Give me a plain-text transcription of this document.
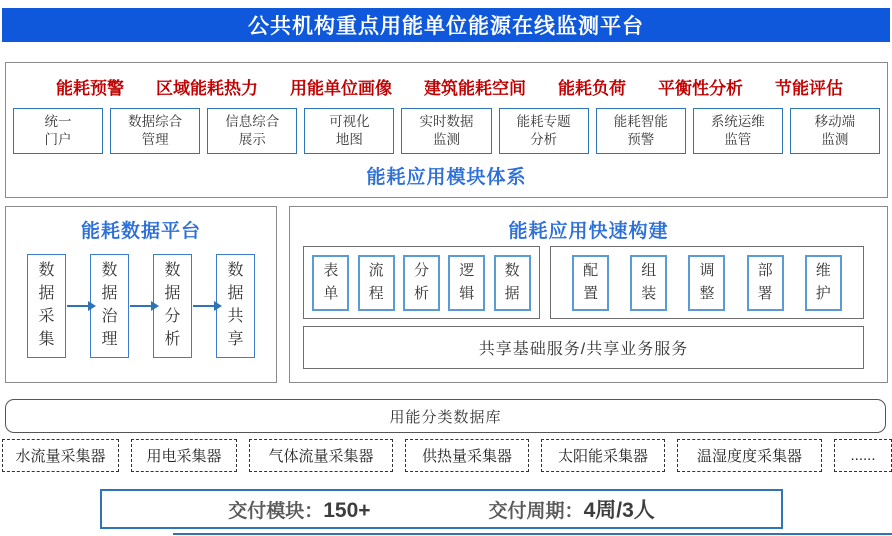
公共机构重点用能单位能源在线监测平台
能耗预警 区域能耗热力 用能单位画像 建筑能耗空间 能耗负荷 平衡性分析 节能评估
统一
门户
数据综合
管理
信息综合
展示
可视化
地图
实时数据
监测
能耗专题
分析
能耗智能
预警
系统运维
监管
移动端
监测
能耗应用模块体系
能耗数据平台
数据采集
数据治理
数据分析
数据共享
能耗应用快速构建
表单
流程
分析
逻辑
数据
配置
组装
调整
部署
维护
共享基础服务/共享业务服务
用能分类数据库
水流量采集器	用电采集器	气体流量采集器	供热量采集器	太阳能采集器	温湿度度采集器	......
交付模块： 150+	交付周期： 4周/3人
